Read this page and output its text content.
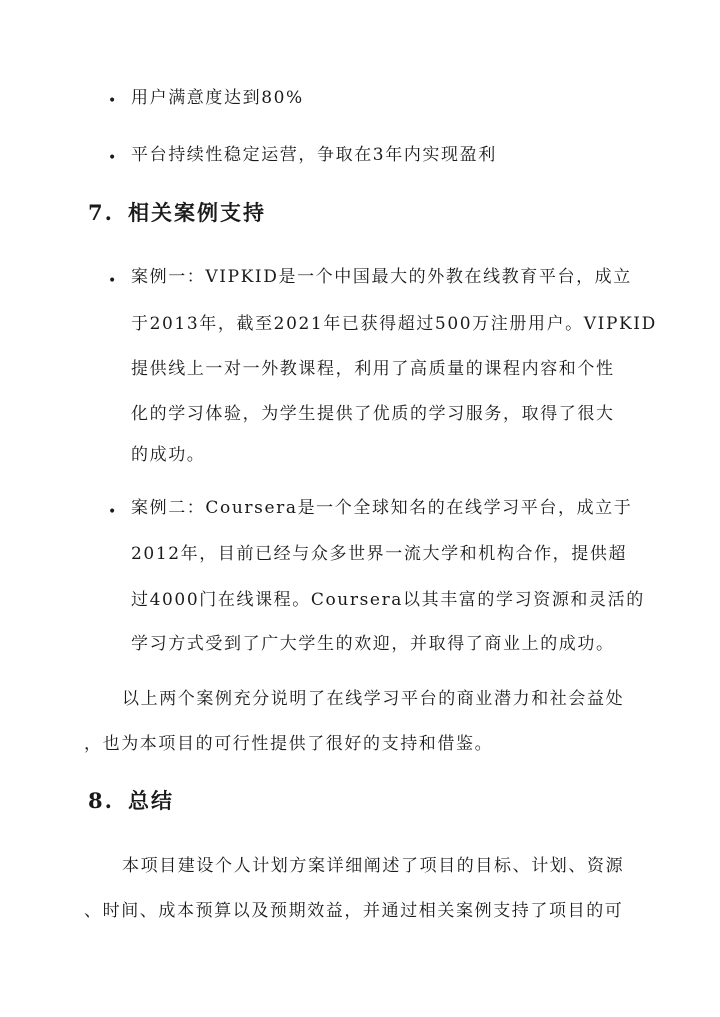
• 用户满意度达到80%
• 平台持续性稳定运营，争取在3年内实现盈利
7. 相关案例支持
• 案例一：VIPKID是一个中国最大的外教在线教育平台，成立
于2013年，截至2021年已获得超过500万注册用户。VIPKID
提供线上一对一外教课程，利用了高质量的课程内容和个性
化的学习体验，为学生提供了优质的学习服务，取得了很大
的成功。
• 案例二：Coursera是一个全球知名的在线学习平台，成立于
2012年，目前已经与众多世界一流大学和机构合作，提供超
过4000门在线课程。Coursera以其丰富的学习资源和灵活的
学习方式受到了广大学生的欢迎，并取得了商业上的成功。
以上两个案例充分说明了在线学习平台的商业潜力和社会益处
，也为本项目的可行性提供了很好的支持和借鉴。
8. 总结
本项目建设个人计划方案详细阐述了项目的目标、计划、资源
、时间、成本预算以及预期效益，并通过相关案例支持了项目的可
